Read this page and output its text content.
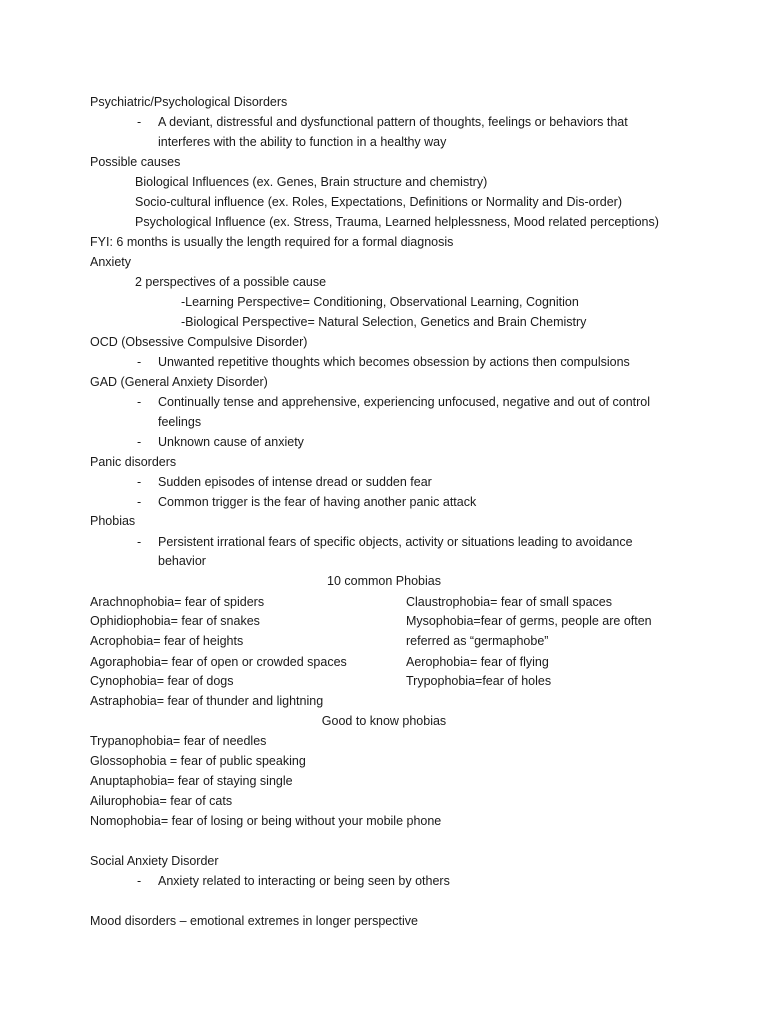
Psychiatric/Psychological Disorders
- A deviant, distressful and dysfunctional pattern of thoughts, feelings or behaviors that
interferes with the ability to function in a healthy way
Possible causes
Biological Influences (ex. Genes, Brain structure and chemistry)
Socio-cultural influence (ex. Roles, Expectations, Definitions or Normality and Dis-order)
Psychological Influence (ex. Stress, Trauma, Learned helplessness, Mood related perceptions)
FYI: 6 months is usually the length required for a formal diagnosis
Anxiety
2 perspectives of a possible cause
-Learning Perspective= Conditioning, Observational Learning, Cognition
-Biological Perspective= Natural Selection, Genetics and Brain Chemistry
OCD (Obsessive Compulsive Disorder)
- Unwanted repetitive thoughts which becomes obsession by actions then compulsions
GAD (General Anxiety Disorder)
- Continually tense and apprehensive, experiencing unfocused, negative and out of control
feelings
- Unknown cause of anxiety
Panic disorders
- Sudden episodes of intense dread or sudden fear
- Common trigger is the fear of having another panic attack
Phobias
- Persistent irrational fears of specific objects, activity or situations leading to avoidance
behavior
10 common Phobias
Arachnophobia= fear of spiders	Claustrophobia= fear of small spaces
Ophidiophobia= fear of snakes	Mysophobia=fear of germs, people are often
Acrophobia= fear of heights	referred as “germaphobe”
Agoraphobia= fear of open or crowded spaces	Aerophobia= fear of flying
Cynophobia= fear of dogs	Trypophobia=fear of holes
Astraphobia= fear of thunder and lightning
Good to know phobias
Trypanophobia= fear of needles
Glossophobia = fear of public speaking
Anuptaphobia= fear of staying single
Ailurophobia= fear of cats
Nomophobia= fear of losing or being without your mobile phone
Social Anxiety Disorder
- Anxiety related to interacting or being seen by others
Mood disorders – emotional extremes in longer perspective
